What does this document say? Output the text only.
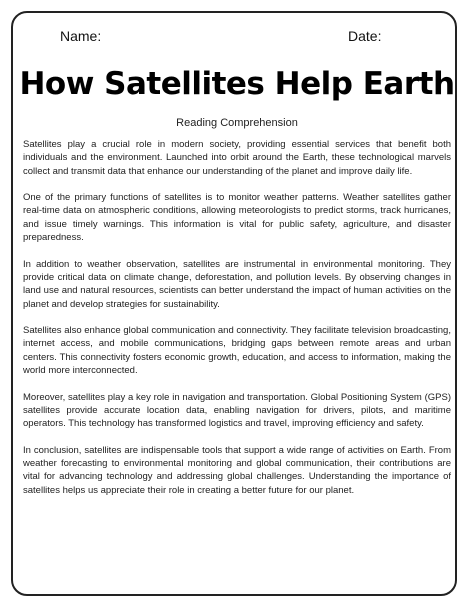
Name:	Date:
How Satellites Help Earth
Reading Comprehension

Satellites play a crucial role in modern society, providing essential services that benefit both individuals and the environment. Launched into orbit around the Earth, these technological marvels collect and transmit data that enhance our understanding of the planet and improve daily life.

One of the primary functions of satellites is to monitor weather patterns. Weather satellites gather real-time data on atmospheric conditions, allowing meteorologists to predict storms, track hurricanes, and issue timely warnings. This information is vital for public safety, agriculture, and disaster preparedness.

In addition to weather observation, satellites are instrumental in environmental monitoring. They provide critical data on climate change, deforestation, and pollution levels. By observing changes in land use and natural resources, scientists can better understand the impact of human activities on the planet and develop strategies for sustainability.

Satellites also enhance global communication and connectivity. They facilitate television broadcasting, internet access, and mobile communications, bridging gaps between remote areas and urban centers. This connectivity fosters economic growth, education, and access to information, making the world more interconnected.

Moreover, satellites play a key role in navigation and transportation. Global Positioning System (GPS) satellites provide accurate location data, enabling navigation for drivers, pilots, and maritime operators. This technology has transformed logistics and travel, improving efficiency and safety.

In conclusion, satellites are indispensable tools that support a wide range of activities on Earth. From weather forecasting to environmental monitoring and global communication, their contributions are vital for advancing technology and addressing global challenges. Understanding the importance of satellites helps us appreciate their role in creating a better future for our planet.
